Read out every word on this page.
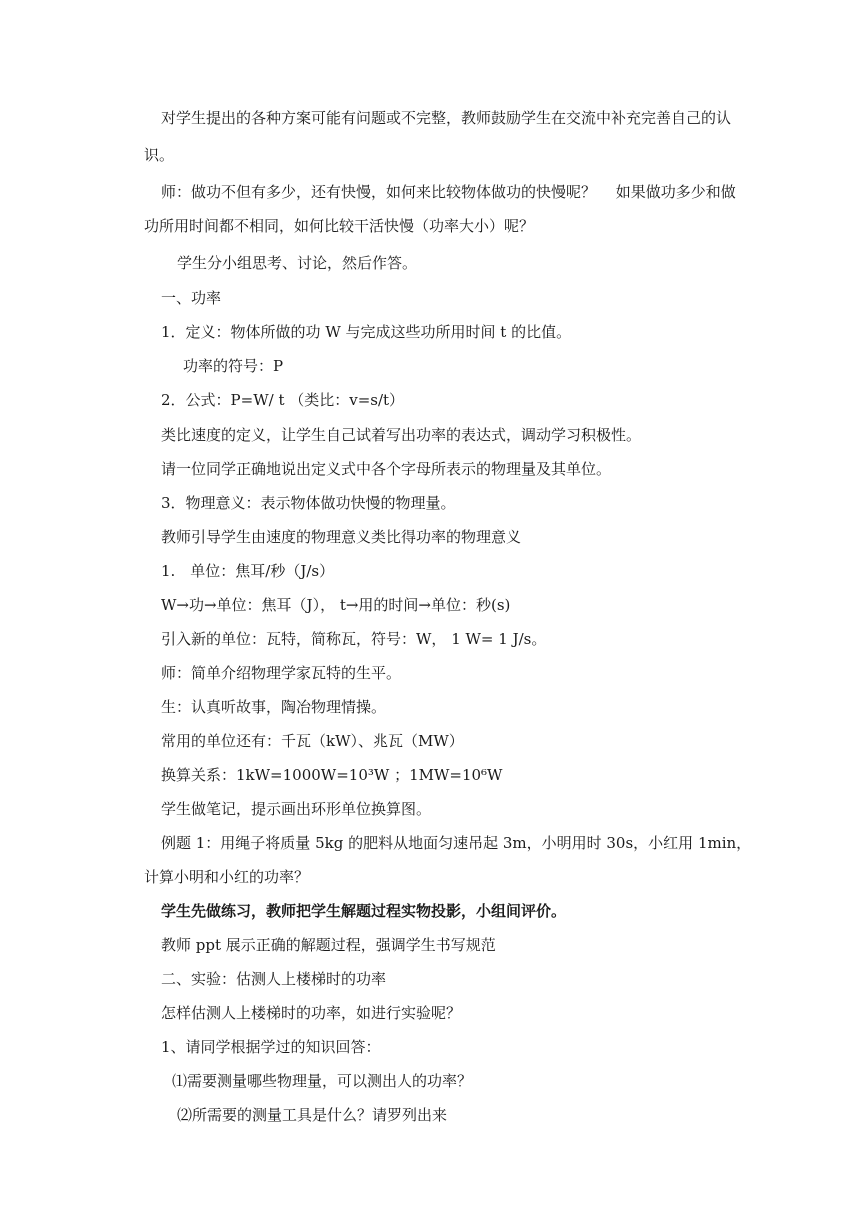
对学生提出的各种方案可能有问题或不完整，教师鼓励学生在交流中补充完善自己的认
识。
师：做功不但有多少，还有快慢，如何来比较物体做功的快慢呢？　 如果做功多少和做
功所用时间都不相同，如何比较干活快慢（功率大小）呢？
学生分小组思考、讨论，然后作答。
一、功率
1．定义：物体所做的功 W 与完成这些功所用时间 t 的比值。
功率的符号：P
2．公式：P=W/ t （类比：v=s/t）
类比速度的定义，让学生自己试着写出功率的表达式，调动学习积极性。
请一位同学正确地说出定义式中各个字母所表示的物理量及其单位。
3．物理意义：表示物体做功快慢的物理量。
教师引导学生由速度的物理意义类比得功率的物理意义
1.　单位：焦耳/秒（J/s）
W→功→单位：焦耳（J）， t→用的时间→单位：秒(s)
引入新的单位：瓦特，简称瓦，符号：W， 1 W= 1 J/s。
师：简单介绍物理学家瓦特的生平。
生：认真听故事，陶冶物理情操。
常用的单位还有：千瓦（kW）、兆瓦（MW）
换算关系：1kW=1000W=10³W ；1MW=10⁶W
学生做笔记，提示画出环形单位换算图。
例题 1：用绳子将质量 5kg 的肥料从地面匀速吊起 3m，小明用时 30s，小红用 1min，
计算小明和小红的功率？
学生先做练习，教师把学生解题过程实物投影，小组间评价。
教师 ppt 展示正确的解题过程，强调学生书写规范
二、实验：估测人上楼梯时的功率
怎样估测人上楼梯时的功率，如进行实验呢？
1、请同学根据学过的知识回答：
⑴需要测量哪些物理量，可以测出人的功率？
⑵所需要的测量工具是什么？请罗列出来
